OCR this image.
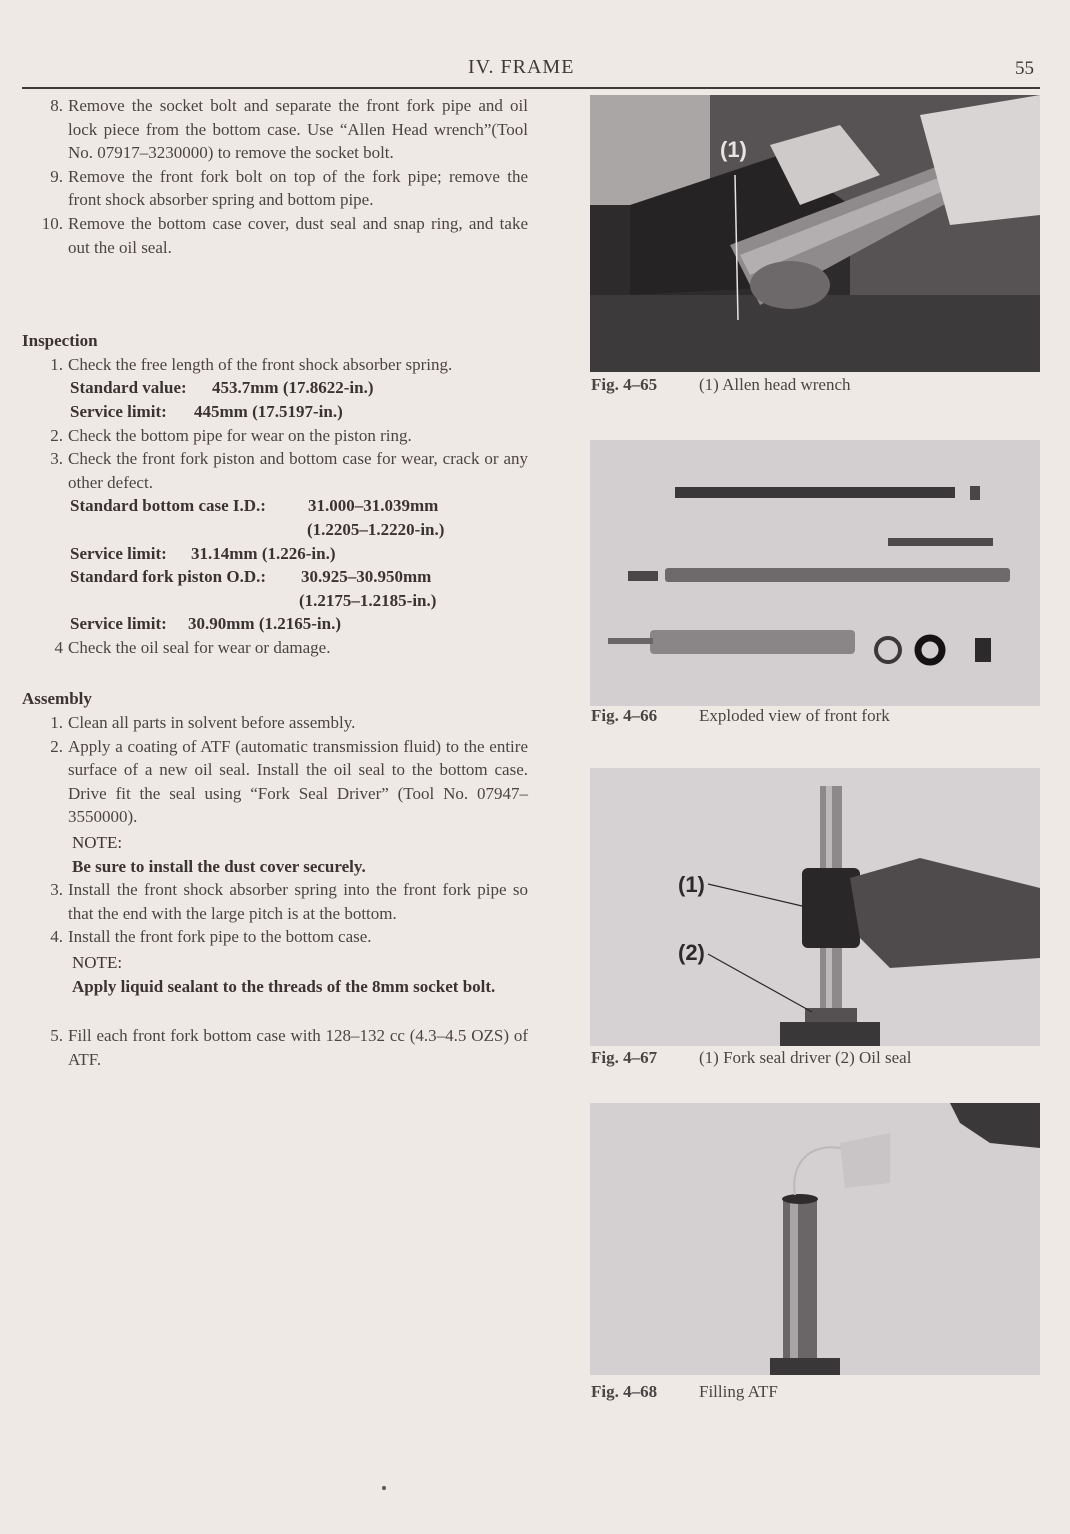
IV. FRAME	55
8. Remove the socket bolt and separate the front fork pipe and oil lock piece from the bottom case. Use “Allen Head wrench”(Tool No. 07917–3230000) to remove the socket bolt.
9. Remove the front fork bolt on top of the fork pipe; remove the front shock absorber spring and bottom pipe.
10. Remove the bottom case cover, dust seal and snap ring, and take out the oil seal.
Inspection
1. Check the free length of the front shock absorber spring.
Standard value:	453.7mm (17.8622-in.)
Service limit:	445mm (17.5197-in.)
2. Check the bottom pipe for wear on the piston ring.
3. Check the front fork piston and bottom case for wear, crack or any other defect.
Standard bottom case I.D.:	31.000–31.039mm
(1.2205–1.2220-in.)
Service limit:	31.14mm (1.226-in.)
Standard fork piston O.D.:	30.925–30.950mm
(1.2175–1.2185-in.)
Service limit:	30.90mm (1.2165-in.)
4 Check the oil seal for wear or damage.
Assembly
1. Clean all parts in solvent before assembly.
2. Apply a coating of ATF (automatic transmission fluid) to the entire surface of a new oil seal. Install the oil seal to the bottom case. Drive fit the seal using “Fork Seal Driver” (Tool No. 07947–3550000).
NOTE:
Be sure to install the dust cover securely.
3. Install the front shock absorber spring into the front fork pipe so that the end with the large pitch is at the bottom.
4. Install the front fork pipe to the bottom case.
NOTE:
Apply liquid sealant to the threads of the 8mm socket bolt.
5. Fill each front fork bottom case with 128–132 cc (4.3–4.5 OZS) of ATF.
(1)
Fig. 4–65 (1) Allen head wrench
Fig. 4–66 Exploded view of front fork
(1)
(2)
Fig. 4–67 (1) Fork seal driver (2) Oil seal
Fig. 4–68 Filling ATF
